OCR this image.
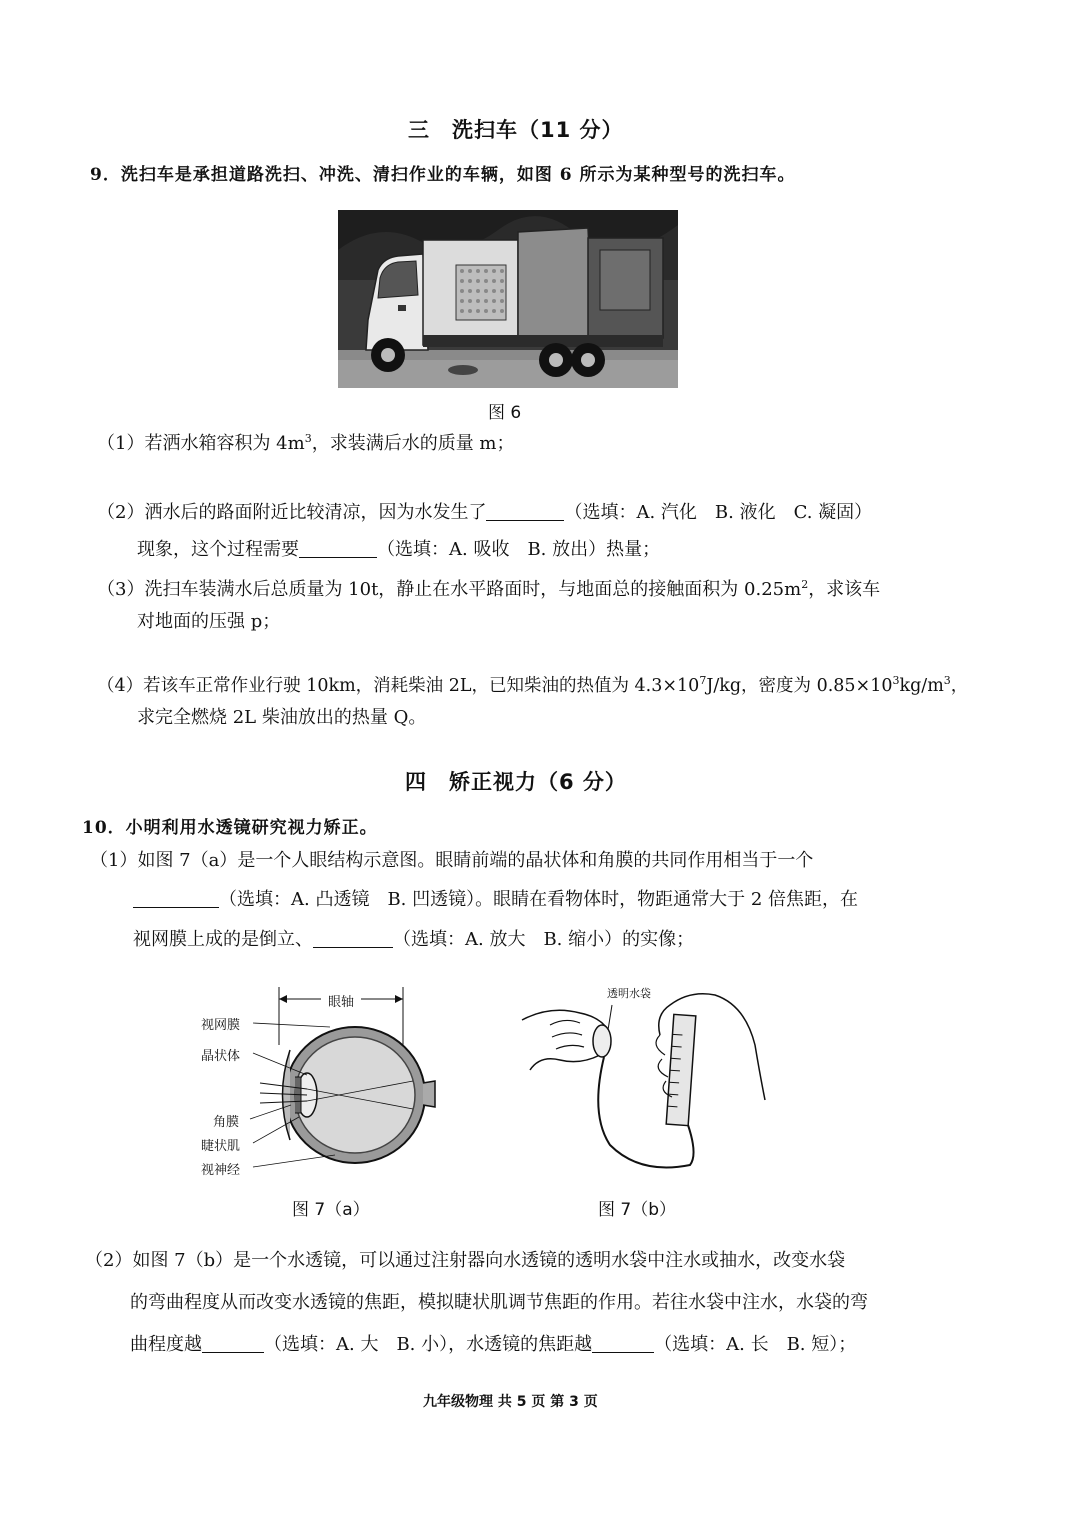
三　洗扫车（11 分）
9．洗扫车是承担道路洗扫、冲洗、清扫作业的车辆，如图 6 所示为某种型号的洗扫车。
图 6
（1）若洒水箱容积为 $4m^3$，求装满后水的质量 m；
（2）洒水后的路面附近比较清凉，因为水发生了	（选填：A. 汽化　B. 液化　C. 凝固）
现象，这个过程需要	（选填：A. 吸收　B. 放出）热量；
（3）洗扫车装满水后总质量为 10t，静止在水平路面时，与地面总的接触面积为 $0.25m^2$，求该车
对地面的压强 p；
（4）若该车正常作业行驶 10km，消耗柴油 2L，已知柴油的热值为 $4.3\times 10^7J/kg$，密度为 $0.85\times 10^3kg/m^3$，
求完全燃烧 2L 柴油放出的热量 Q。
四　矫正视力（6 分）
10．小明利用水透镜研究视力矫正。
（1）如图 7（a）是一个人眼结构示意图。眼睛前端的晶状体和角膜的共同作用相当于一个
（选填：A. 凸透镜　B. 凹透镜）。眼睛在看物体时，物距通常大于 2 倍焦距，在
视网膜上成的是倒立、	（选填：A. 放大　B. 缩小）的实像；
眼轴
视网膜
晶状体
角膜
睫状肌
视神经
图 7（a）
透明水袋
图 7（b）
（2）如图 7（b）是一个水透镜，可以通过注射器向水透镜的透明水袋中注水或抽水，改变水袋
的弯曲程度从而改变水透镜的焦距，模拟睫状肌调节焦距的作用。若往水袋中注水，水袋的弯
曲程度越	（选填：A. 大　B. 小），水透镜的焦距越	（选填：A. 长　B. 短）；
九年级物理 共 5 页 第 3 页
